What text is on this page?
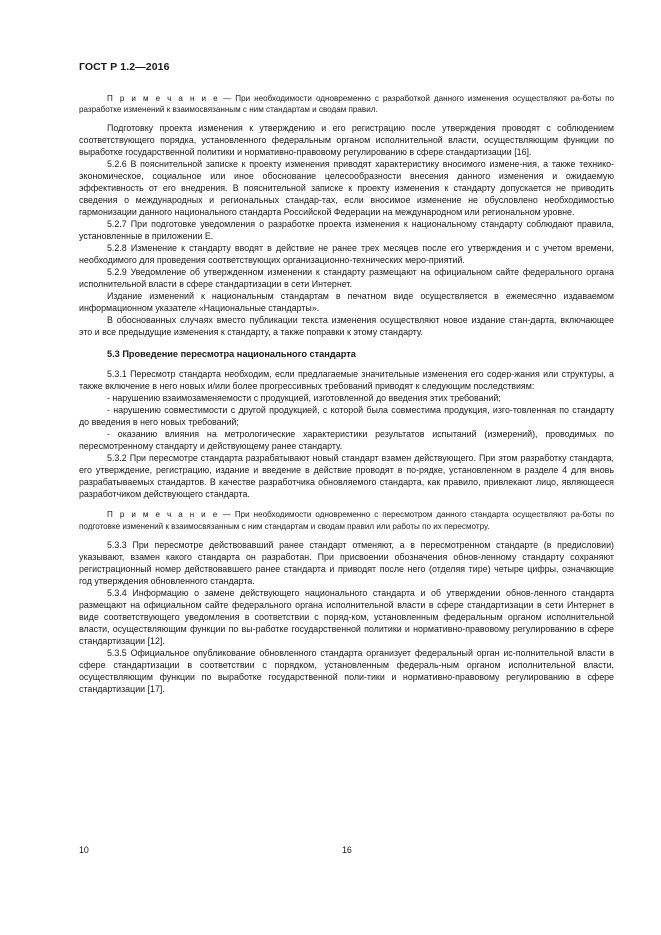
ГОСТ Р 1.2—2016

П р и м е ч а н и е — При необходимости одновременно с разработкой данного изменения осуществляют ра-боты по разработке изменений к взаимосвязанным с ним стандартам и сводам правил.

Подготовку проекта изменения к утверждению и его регистрацию после утверждения проводят с соблюдением соответствующего порядка, установленного федеральным органом исполнительной власти, осуществляющим функции по выработке государственной политики и нормативно-правовому регулированию в сфере стандартизации [16].

5.2.6 В пояснительной записке к проекту изменения приводят характеристику вносимого измене-ния, а также технико-экономическое, социальное или иное обоснование целесообразности внесения данного изменения и ожидаемую эффективность от его внедрения. В пояснительной записке к проекту изменения к стандарту допускается не приводить сведения о международных и региональных стандар-тах, если вносимое изменение не обусловлено необходимостью гармонизации данного национального стандарта Российской Федерации на международном или региональном уровне.

5.2.7 При подготовке уведомления о разработке проекта изменения к национальному стандарту соблюдают правила, установленные в приложении Е.

5.2.8 Изменение к стандарту вводят в действие не ранее трех месяцев после его утверждения и с учетом времени, необходимого для проведения соответствующих организационно-технических меро-приятий.

5.2.9 Уведомление об утвержденном изменении к стандарту размещают на официальном сайте федерального органа исполнительной власти в сфере стандартизации в сети Интернет.

Издание изменений к национальным стандартам в печатном виде осуществляется в ежемесячно издаваемом информационном указателе «Национальные стандарты».

В обоснованных случаях вместо публикации текста изменения осуществляют новое издание стан-дарта, включающее это и все предыдущие изменения к стандарту, а также поправки к этому стандарту.

5.3 Проведение пересмотра национального стандарта

5.3.1 Пересмотр стандарта необходим, если предлагаемые значительные изменения его содер-жания или структуры, а также включение в него новых и/или более прогрессивных требований приводят к следующим последствиям:

- нарушению взаимозаменяемости с продукцией, изготовленной до введения этих требований;

- нарушению совместимости с другой продукцией, с которой была совместима продукция, изго-товленная по стандарту до введения в него новых требований;

- оказанию влияния на метрологические характеристики результатов испытаний (измерений), проводимых по пересмотренному стандарту и действующему ранее стандарту.

5.3.2 При пересмотре стандарта разрабатывают новый стандарт взамен действующего. При этом разработку стандарта, его утверждение, регистрацию, издание и введение в действие проводят в по-рядке, установленном в разделе 4 для вновь разрабатываемых стандартов. В качестве разработчика обновляемого стандарта, как правило, привлекают лицо, являющееся разработчиком действующего стандарта.

П р и м е ч а н и е — При необходимости одновременно с пересмотром данного стандарта осуществляют ра-боты по подготовке изменений к взаимосвязанным с ним стандартам и сводам правил или работы по их пересмотру.

5.3.3 При пересмотре действовавший ранее стандарт отменяют, а в пересмотренном стандарте (в предисловии) указывают, взамен какого стандарта он разработан. При присвоении обозначения обнов-ленному стандарту сохраняют регистрационный номер действовавшего ранее стандарта и приводят после него (отделяя тире) четыре цифры, означающие год утверждения обновленного стандарта.

5.3.4 Информацию о замене действующего национального стандарта и об утверждении обнов-ленного стандарта размещают на официальном сайте федерального органа исполнительной власти в сфере стандартизации в сети Интернет в виде соответствующего уведомления в соответствии с поряд-ком, установленным федеральным органом исполнительной власти, осуществляющим функции по вы-работке государственной политики и нормативно-правовому регулированию в сфере стандартизации [12].

5.3.5 Официальное опубликование обновленного стандарта организует федеральный орган ис-полнительной власти в сфере стандартизации в соответствии с порядком, установленным федераль-ным органом исполнительной власти, осуществляющим функции по выработке государственной поли-тики и нормативно-правовому регулированию в сфере стандартизации [17].

10	16
